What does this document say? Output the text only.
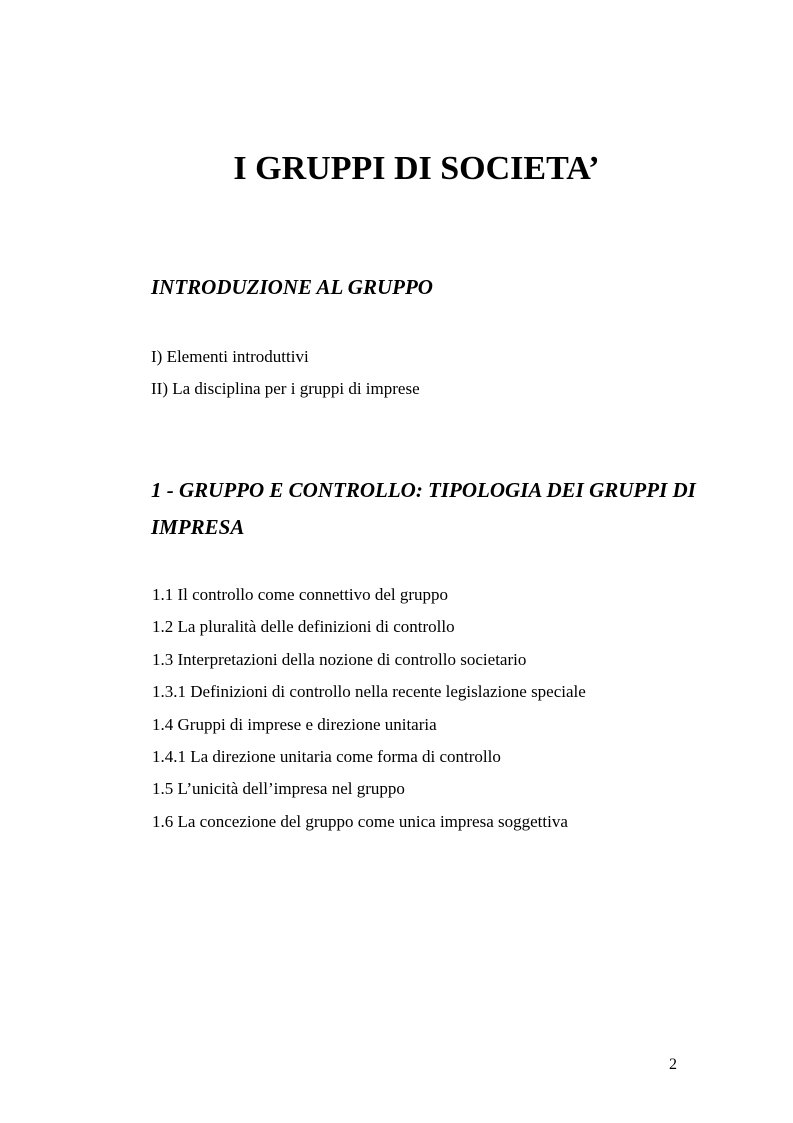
I GRUPPI DI SOCIETA’
INTRODUZIONE AL GRUPPO
I) Elementi introduttivi
II) La disciplina per i gruppi di imprese
1 - GRUPPO E CONTROLLO: TIPOLOGIA DEI GRUPPI DI IMPRESA
1.1 Il controllo come connettivo del gruppo
1.2 La pluralità delle definizioni di controllo
1.3 Interpretazioni della nozione di controllo societario
1.3.1 Definizioni di controllo nella recente legislazione speciale
1.4 Gruppi di imprese e direzione unitaria
1.4.1 La direzione unitaria come forma di controllo
1.5 L’unicità dell’impresa nel gruppo
1.6 La concezione del gruppo come unica impresa soggettiva
2
